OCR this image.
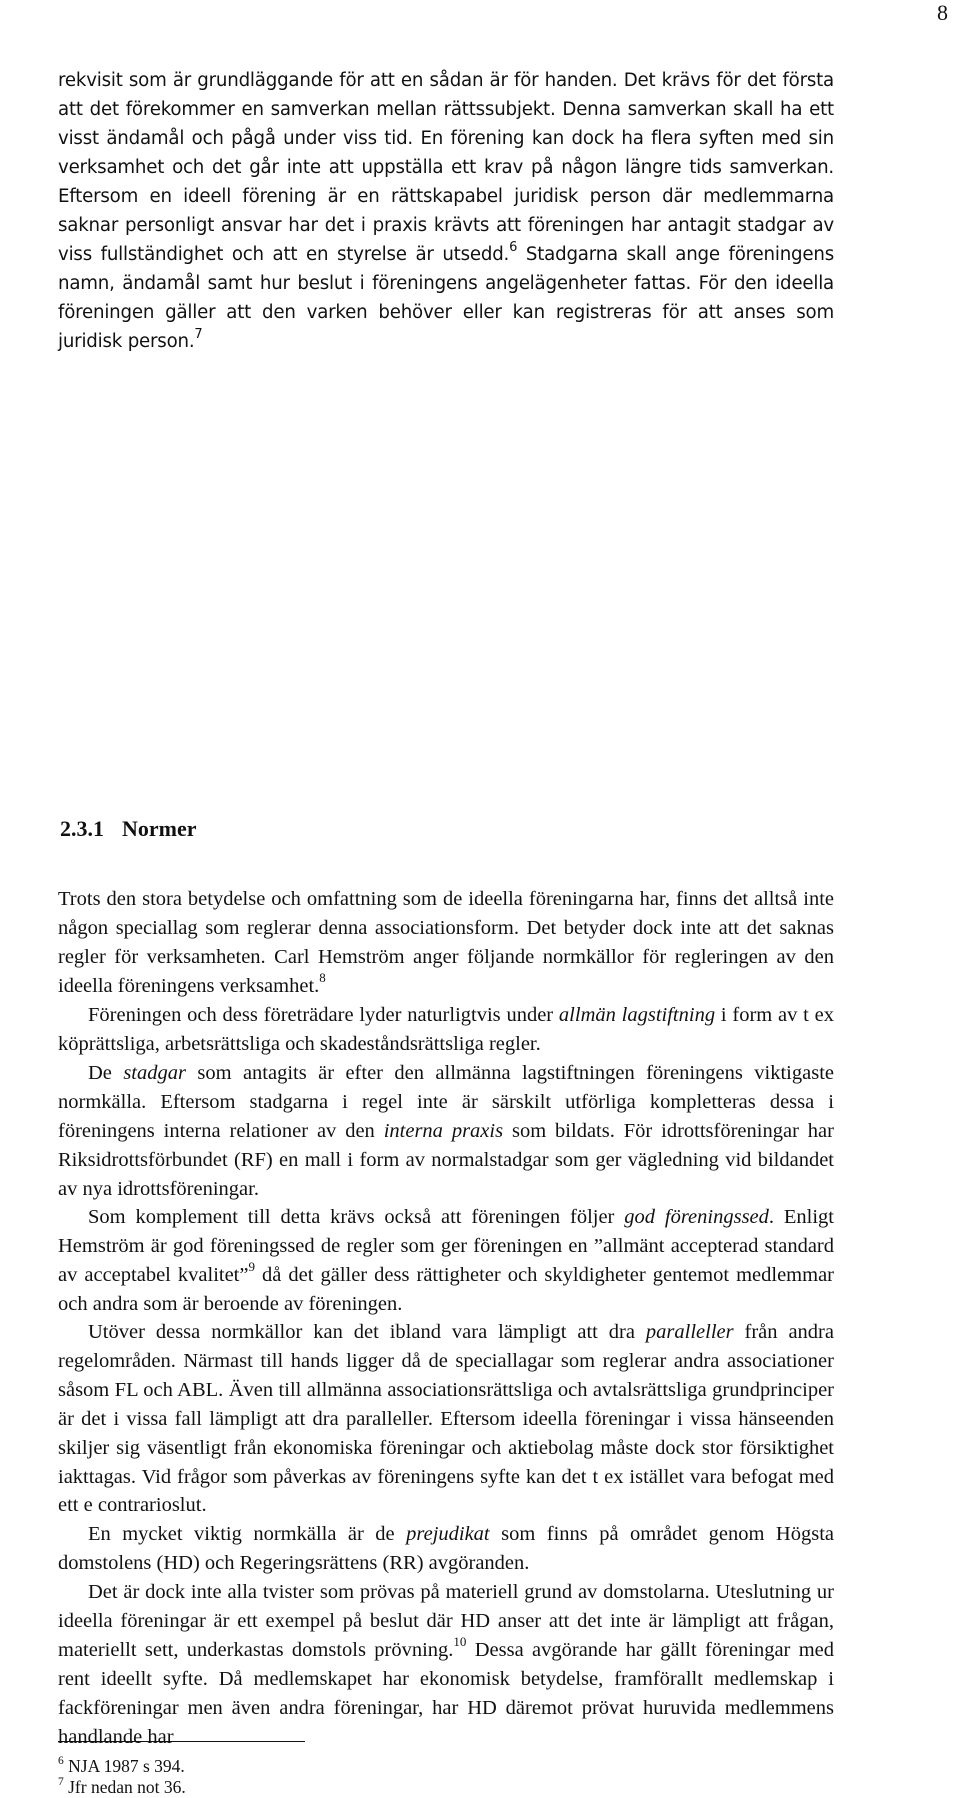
8

rekvisit som är grundläggande för att en sådan är för handen. Det krävs för det första att det förekommer en samverkan mellan rättssubjekt. Denna samverkan skall ha ett visst ändamål och pågå under viss tid. En förening kan dock ha flera syften med sin verksamhet och det går inte att uppställa ett krav på någon längre tids samverkan. Eftersom en ideell förening är en rättskapabel juridisk person där medlemmarna saknar personligt ansvar har det i praxis krävts att föreningen har antagit stadgar av viss fullständighet och att en styrelse är utsedd.$^6$ Stadgarna skall ange föreningens namn, ändamål samt hur beslut i föreningens angelägenheter fattas. För den ideella föreningen gäller att den varken behöver eller kan registreras för att anses som juridisk person.$^7$

2.3.1 Normer

Trots den stora betydelse och omfattning som de ideella föreningarna har, finns det alltså inte någon speciallag som reglerar denna associationsform. Det betyder dock inte att det saknas regler för verksamheten. Carl Hemström anger följande normkällor för regleringen av den ideella föreningens verksamhet.$^8$

Föreningen och dess företrädare lyder naturligtvis under allmän lagstiftning i form av t ex köprättsliga, arbetsrättsliga och skadeståndsrättsliga regler.

De stadgar som antagits är efter den allmänna lagstiftningen föreningens viktigaste normkälla. Eftersom stadgarna i regel inte är särskilt utförliga kompletteras dessa i föreningens interna relationer av den interna praxis som bildats. För idrottsföreningar har Riksidrottsförbundet (RF) en mall i form av normalstadgar som ger vägledning vid bildandet av nya idrottsföreningar.

Som komplement till detta krävs också att föreningen följer god föreningssed. Enligt Hemström är god föreningssed de regler som ger föreningen en ”allmänt accepterad standard av acceptabel kvalitet”$^9$ då det gäller dess rättigheter och skyldigheter gentemot medlemmar och andra som är beroende av föreningen.

Utöver dessa normkällor kan det ibland vara lämpligt att dra paralleller från andra regelområden. Närmast till hands ligger då de speciallagar som reglerar andra associationer såsom FL och ABL. Även till allmänna associationsrättsliga och avtalsrättsliga grundprinciper är det i vissa fall lämpligt att dra paralleller. Eftersom ideella föreningar i vissa hänseenden skiljer sig väsentligt från ekonomiska föreningar och aktiebolag måste dock stor försiktighet iakttagas. Vid frågor som påverkas av föreningens syfte kan det t ex istället vara befogat med ett e contrarioslut.

En mycket viktig normkälla är de prejudikat som finns på området genom Högsta domstolens (HD) och Regeringsrättens (RR) avgöranden.

Det är dock inte alla tvister som prövas på materiell grund av domstolarna. Uteslutning ur ideella föreningar är ett exempel på beslut där HD anser att det inte är lämpligt att frågan, materiellt sett, underkastas domstols prövning.$^{10}$ Dessa avgörande har gällt föreningar med rent ideellt syfte. Då medlemskapet har ekonomisk betydelse, framförallt medlemskap i fackföreningar men även andra föreningar, har HD däremot prövat huruvida medlemmens handlande har

$^6$ NJA 1987 s 394.

$^7$ Jfr nedan not 36.
